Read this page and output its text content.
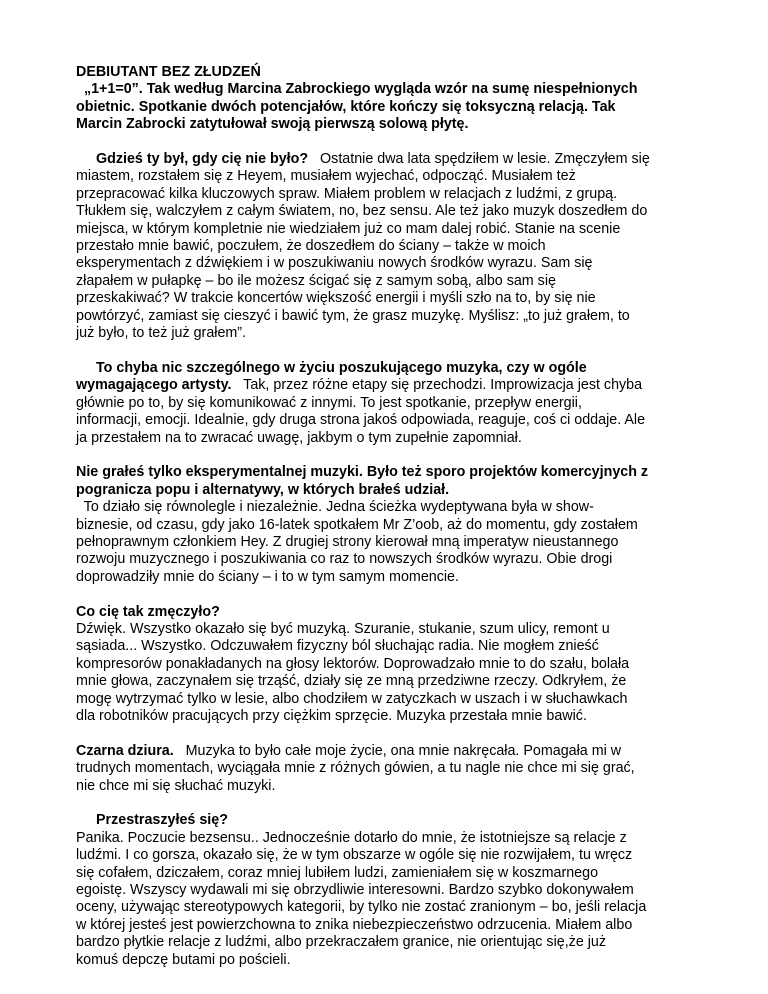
DEBIUTANT BEZ ZŁUDZEŃ
„1+1=0”. Tak według Marcina Zabrockiego wygląda wzór na sumę niespełnionych
obietnic. Spotkanie dwóch potencjałów, które kończy się toksyczną relacją. Tak
Marcin Zabrocki zatytułował swoją pierwszą solową płytę.
Gdzieś ty był, gdy cię nie było? Ostatnie dwa lata spędziłem w lesie. Zmęczyłem się
miastem, rozstałem się z Heyem, musiałem wyjechać, odpocząć. Musiałem też
przepracować kilka kluczowych spraw. Miałem problem w relacjach z ludźmi, z grupą.
Tłukłem się, walczyłem z całym światem, no, bez sensu. Ale też jako muzyk doszedłem do
miejsca, w którym kompletnie nie wiedziałem już co mam dalej robić. Stanie na scenie
przestało mnie bawić, poczułem, że doszedłem do ściany – także w moich
eksperymentach z dźwiękiem i w poszukiwaniu nowych środków wyrazu. Sam się
złapałem w pułapkę – bo ile możesz ścigać się z samym sobą, albo sam się
przeskakiwać? W trakcie koncertów większość energii i myśli szło na to, by się nie
powtórzyć, zamiast się cieszyć i bawić tym, że grasz muzykę. Myślisz: „to już grałem, to
już było, to też już grałem”.
To chyba nic szczególnego w życiu poszukującego muzyka, czy w ogóle
wymagającego artysty. Tak, przez różne etapy się przechodzi. Improwizacja jest chyba
głównie po to, by się komunikować z innymi. To jest spotkanie, przepływ energii,
informacji, emocji. Idealnie, gdy druga strona jakoś odpowiada, reaguje, coś ci oddaje. Ale
ja przestałem na to zwracać uwagę, jakbym o tym zupełnie zapomniał.
Nie grałeś tylko eksperymentalnej muzyki. Było też sporo projektów komercyjnych z
pogranicza popu i alternatywy, w których brałeś udział.
To działo się równolegle i niezależnie. Jedna ścieżka wydeptywana była w show-
biznesie, od czasu, gdy jako 16-latek spotkałem Mr Z’oob, aż do momentu, gdy zostałem
pełnoprawnym członkiem Hey. Z drugiej strony kierował mną imperatyw nieustannego
rozwoju muzycznego i poszukiwania co raz to nowszych środków wyrazu. Obie drogi
doprowadziły mnie do ściany – i to w tym samym momencie.
Co cię tak zmęczyło?
Dźwięk. Wszystko okazało się być muzyką. Szuranie, stukanie, szum ulicy, remont u
sąsiada... Wszystko. Odczuwałem fizyczny ból słuchając radia. Nie mogłem znieść
kompresorów ponakładanych na głosy lektorów. Doprowadzało mnie to do szału, bolała
mnie głowa, zaczynałem się trząść, działy się ze mną przedziwne rzeczy. Odkryłem, że
mogę wytrzymać tylko w lesie, albo chodziłem w zatyczkach w uszach i w słuchawkach
dla robotników pracujących przy ciężkim sprzęcie. Muzyka przestała mnie bawić.
Czarna dziura. Muzyka to było całe moje życie, ona mnie nakręcała. Pomagała mi w
trudnych momentach, wyciągała mnie z różnych gówien, a tu nagle nie chce mi się grać,
nie chce mi się słuchać muzyki.
Przestraszyłeś się?
Panika. Poczucie bezsensu.. Jednocześnie dotarło do mnie, że istotniejsze są relacje z
ludźmi. I co gorsza, okazało się, że w tym obszarze w ogóle się nie rozwijałem, tu wręcz
się cofałem, dziczałem, coraz mniej lubiłem ludzi, zamieniałem się w koszmarnego
egoistę. Wszyscy wydawali mi się obrzydliwie interesowni. Bardzo szybko dokonywałem
oceny, używając stereotypowych kategorii, by tylko nie zostać zranionym – bo, jeśli relacja
w której jesteś jest powierzchowna to znika niebezpieczeństwo odrzucenia. Miałem albo
bardzo płytkie relacje z ludźmi, albo przekraczałem granice, nie orientując się,że już
komuś depczę butami po pościeli.
